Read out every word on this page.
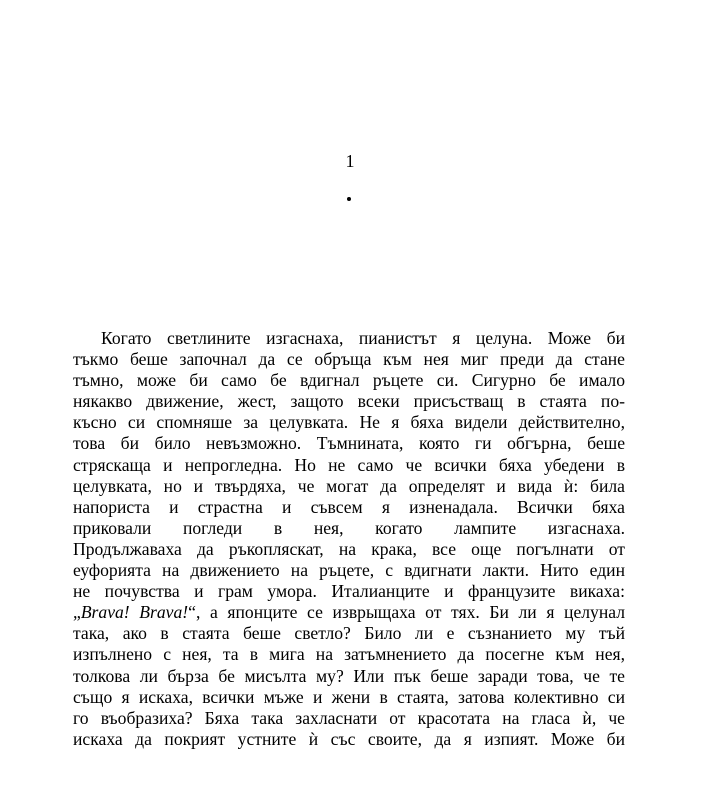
1

Когато светлините изгаснаха, пианистът я целуна. Може би
тъкмо беше започнал да се обръща към нея миг преди да стане
тъмно, може би само бе вдигнал ръцете си. Сигурно бе имало
някакво движение, жест, защото всеки присъстващ в стаята по-
късно си спомняше за целувката. Не я бяха видели действително,
това би било невъзможно. Тъмнината, която ги обгърна, беше
стряскаща и непрогледна. Но не само че всички бяха убедени в
целувката, но и твърдяха, че могат да определят и вида ѝ: била
напориста и страстна и съвсем я изненадала. Всички бяха
приковали погледи в нея, когато лампите изгаснаха.
Продължаваха да ръкопляскат, на крака, все още погълнати от
еуфорията на движението на ръцете, с вдигнати лакти. Нито един
не почувства и грам умора. Италианците и французите викаха:
„Brava! Brava!“, а японците се изврыщаха от тях. Би ли я целунал
така, ако в стаята беше светло? Било ли е съзнанието му тъй
изпълнено с нея, та в мига на затъмнението да посегне към нея,
толкова ли бърза бе мисълта му? Или пък беше заради това, че те
също я искаха, всички мъже и жени в стаята, затова колективно си
го въобразиха? Бяха така захласнати от красотата на гласа ѝ, че
искаха да покрият устните ѝ със своите, да я изпият. Може би
